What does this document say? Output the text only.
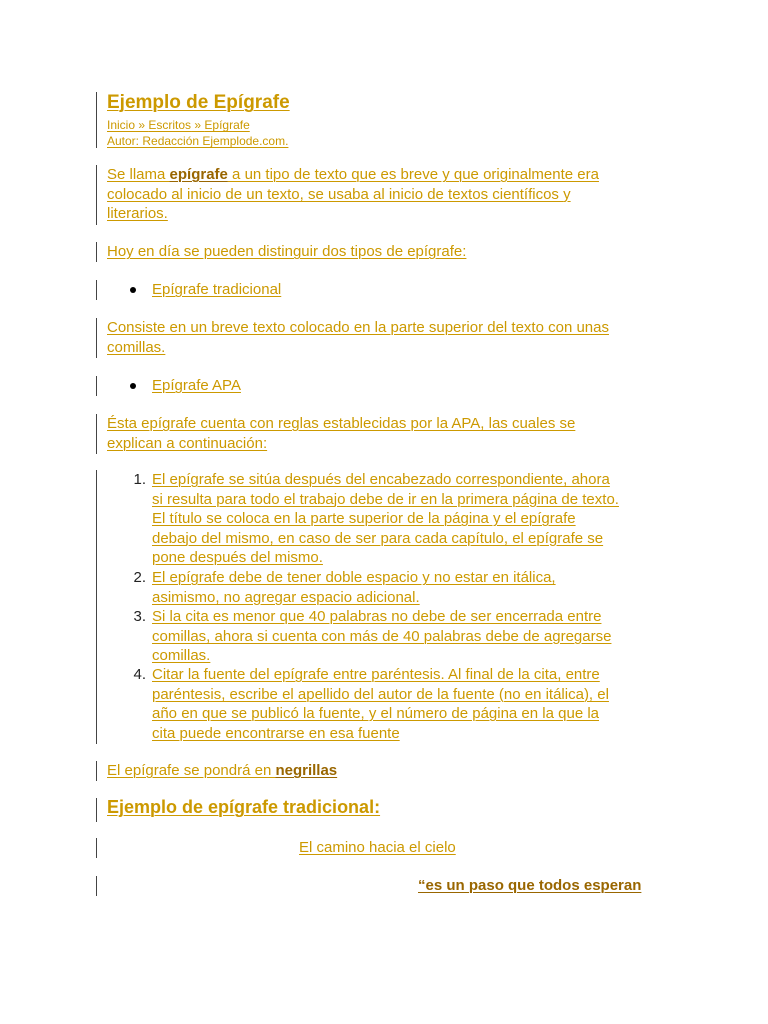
Ejemplo de Epígrafe
Inicio » Escritos » Epígrafe
Autor: Redacción Ejemplode.com.
Se llama epígrafe a un tipo de texto que es breve y que originalmente era
colocado al inicio de un texto, se usaba al inicio de textos científicos y
literarios.
Hoy en día se pueden distinguir dos tipos de epígrafe:
Epígrafe tradicional
Consiste en un breve texto colocado en la parte superior del texto con unas
comillas.
Epígrafe APA
Ésta epígrafe cuenta con reglas establecidas por la APA, las cuales se
explican a continuación:
1. El epígrafe se sitúa después del encabezado correspondiente, ahora
si resulta para todo el trabajo debe de ir en la primera página de texto.
El título se coloca en la parte superior de la página y el epígrafe
debajo del mismo, en caso de ser para cada capítulo, el epígrafe se
pone después del mismo.
2. El epígrafe debe de tener doble espacio y no estar en itálica,
asimismo, no agregar espacio adicional.
3. Si la cita es menor que 40 palabras no debe de ser encerrada entre
comillas, ahora si cuenta con más de 40 palabras debe de agregarse
comillas.
4. Citar la fuente del epígrafe entre paréntesis. Al final de la cita, entre
paréntesis, escribe el apellido del autor de la fuente (no en itálica), el
año en que se publicó la fuente, y el número de página en la que la
cita puede encontrarse en esa fuente
El epígrafe se pondrá en negrillas
Ejemplo de epígrafe tradicional:
El camino hacia el cielo
“es un paso que todos esperan
